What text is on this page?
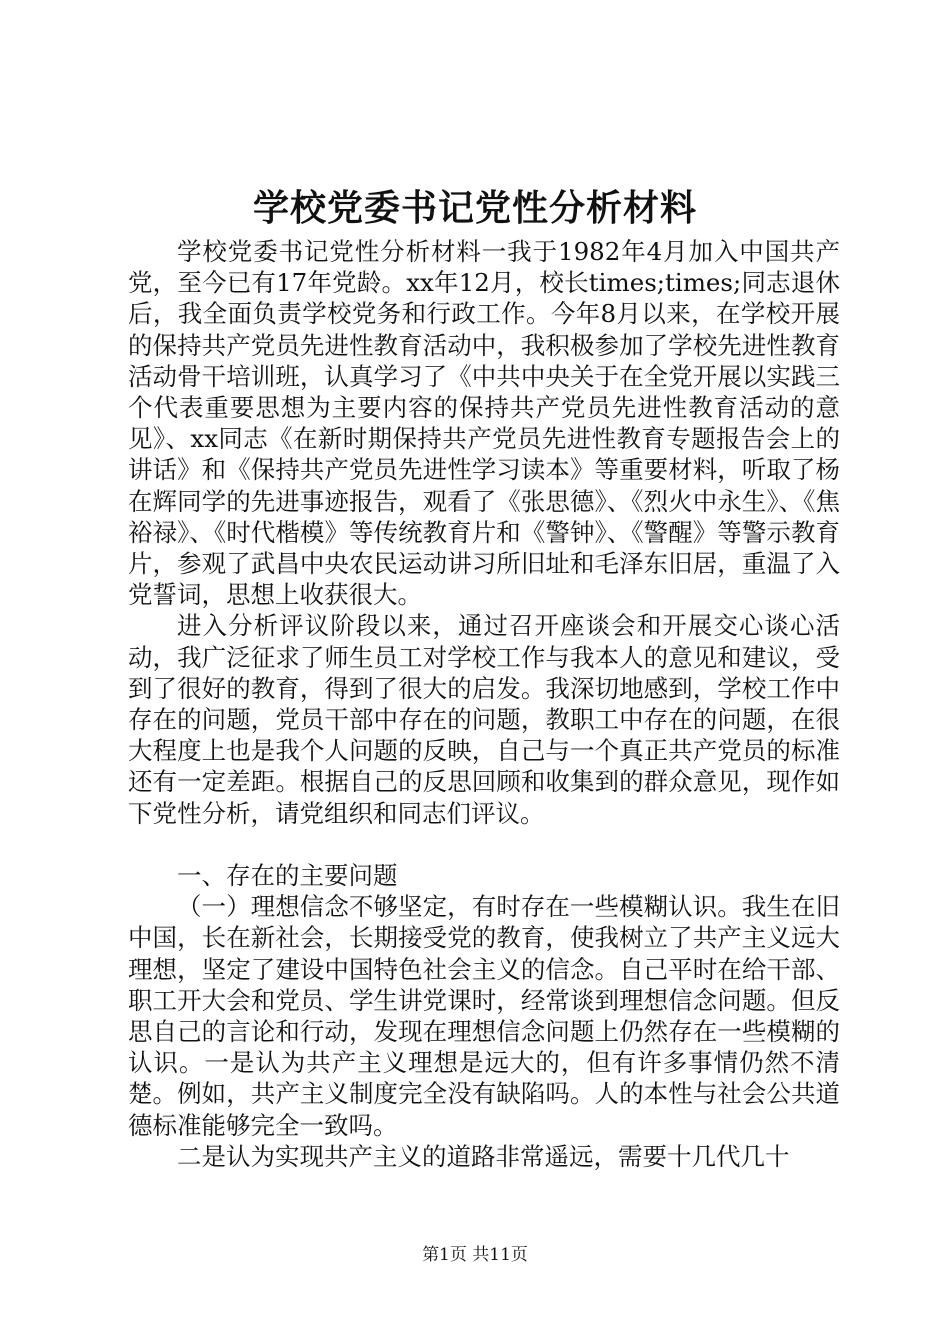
学校党委书记党性分析材料

学校党委书记党性分析材料一我于1982年4月加入中国共产党，至今已有17年党龄。xx年12月，校长times;times;同志退休后，我全面负责学校党务和行政工作。今年8月以来，在学校开展的保持共产党员先进性教育活动中，我积极参加了学校先进性教育活动骨干培训班，认真学习了《中共中央关于在全党开展以实践三个代表重要思想为主要内容的保持共产党员先进性教育活动的意见》、xx同志《在新时期保持共产党员先进性教育专题报告会上的讲话》和《保持共产党员先进性学习读本》等重要材料，听取了杨在辉同学的先进事迹报告，观看了《张思德》、《烈火中永生》、《焦裕禄》、《时代楷模》等传统教育片和《警钟》、《警醒》等警示教育片，参观了武昌中央农民运动讲习所旧址和毛泽东旧居，重温了入党誓词，思想上收获很大。

进入分析评议阶段以来，通过召开座谈会和开展交心谈心活动，我广泛征求了师生员工对学校工作与我本人的意见和建议，受到了很好的教育，得到了很大的启发。我深切地感到，学校工作中存在的问题，党员干部中存在的问题，教职工中存在的问题，在很大程度上也是我个人问题的反映，自己与一个真正共产党员的标准还有一定差距。根据自己的反思回顾和收集到的群众意见，现作如下党性分析，请党组织和同志们评议。

一、存在的主要问题

（一）理想信念不够坚定，有时存在一些模糊认识。我生在旧中国，长在新社会，长期接受党的教育，使我树立了共产主义远大理想，坚定了建设中国特色社会主义的信念。自己平时在给干部、职工开大会和党员、学生讲党课时，经常谈到理想信念问题。但反思自己的言论和行动，发现在理想信念问题上仍然存在一些模糊的认识。一是认为共产主义理想是远大的，但有许多事情仍然不清楚。例如，共产主义制度完全没有缺陷吗。人的本性与社会公共道德标准能够完全一致吗。

二是认为实现共产主义的道路非常遥远，需要十几代几十

第1页 共11页
